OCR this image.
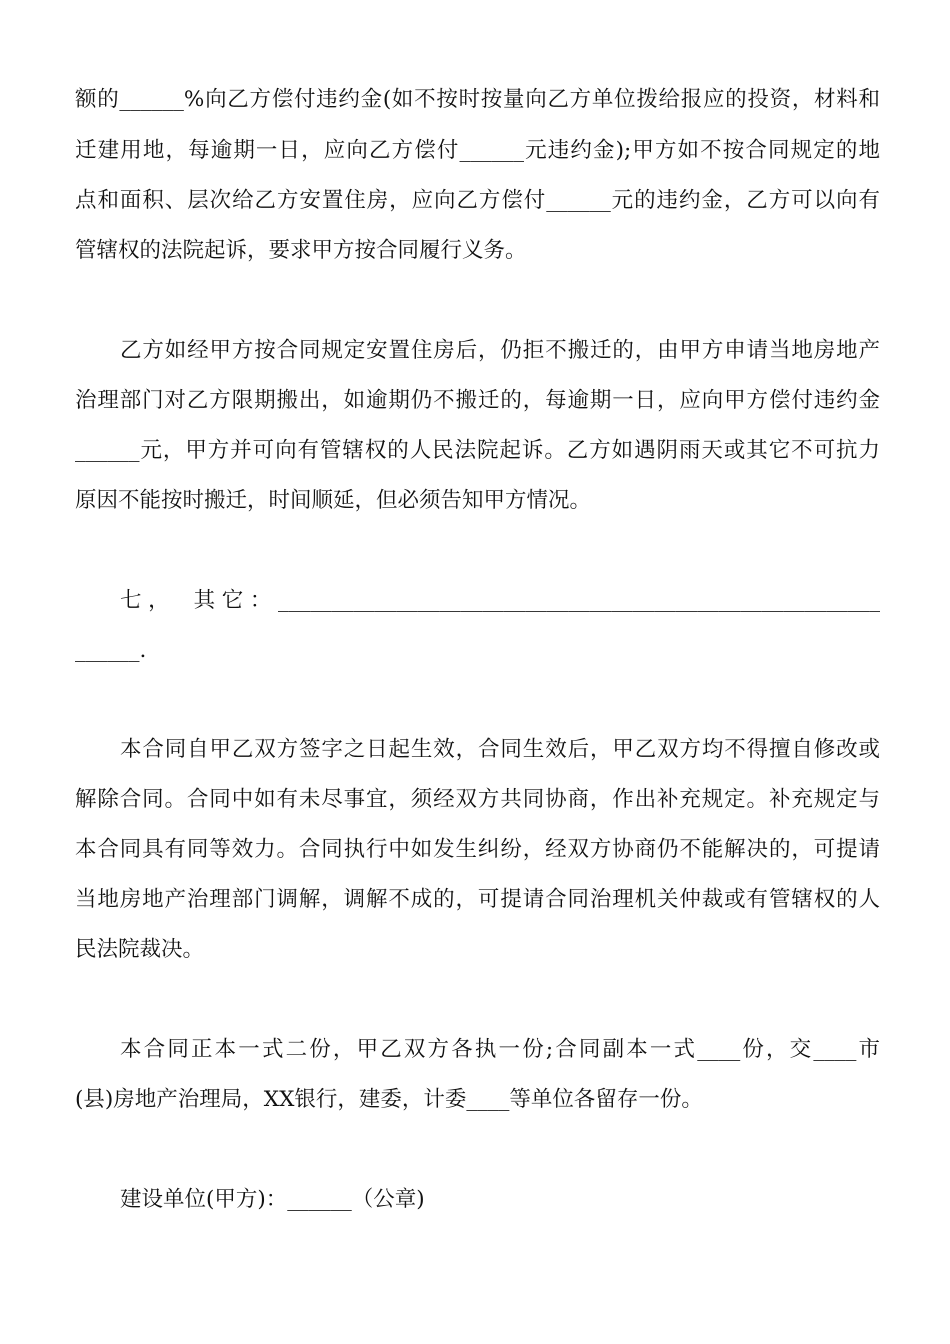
额的______%向乙方偿付违约金(如不按时按量向乙方单位拨给报应的投资，材料和
迁建用地，每逾期一日，应向乙方偿付______元违约金);甲方如不按合同规定的地
点和面积、层次给乙方安置住房，应向乙方偿付______元的违约金，乙方可以向有
管辖权的法院起诉，要求甲方按合同履行义务。
乙方如经甲方按合同规定安置住房后，仍拒不搬迁的，由甲方申请当地房地产
治理部门对乙方限期搬出，如逾期仍不搬迁的，每逾期一日，应向甲方偿付违约金
______元，甲方并可向有管辖权的人民法院起诉。乙方如遇阴雨天或其它不可抗力
原因不能按时搬迁，时间顺延，但必须告知甲方情况。
七，　其它：________________________________________________________
______.
本合同自甲乙双方签字之日起生效，合同生效后，甲乙双方均不得擅自修改或
解除合同。合同中如有未尽事宜，须经双方共同协商，作出补充规定。补充规定与
本合同具有同等效力。合同执行中如发生纠纷，经双方协商仍不能解决的，可提请
当地房地产治理部门调解，调解不成的，可提请合同治理机关仲裁或有管辖权的人
民法院裁决。
本合同正本一式二份，甲乙双方各执一份;合同副本一式____份，交____市
(县)房地产治理局，XX银行，建委，计委____等单位各留存一份。
建设单位(甲方)：______（公章)
